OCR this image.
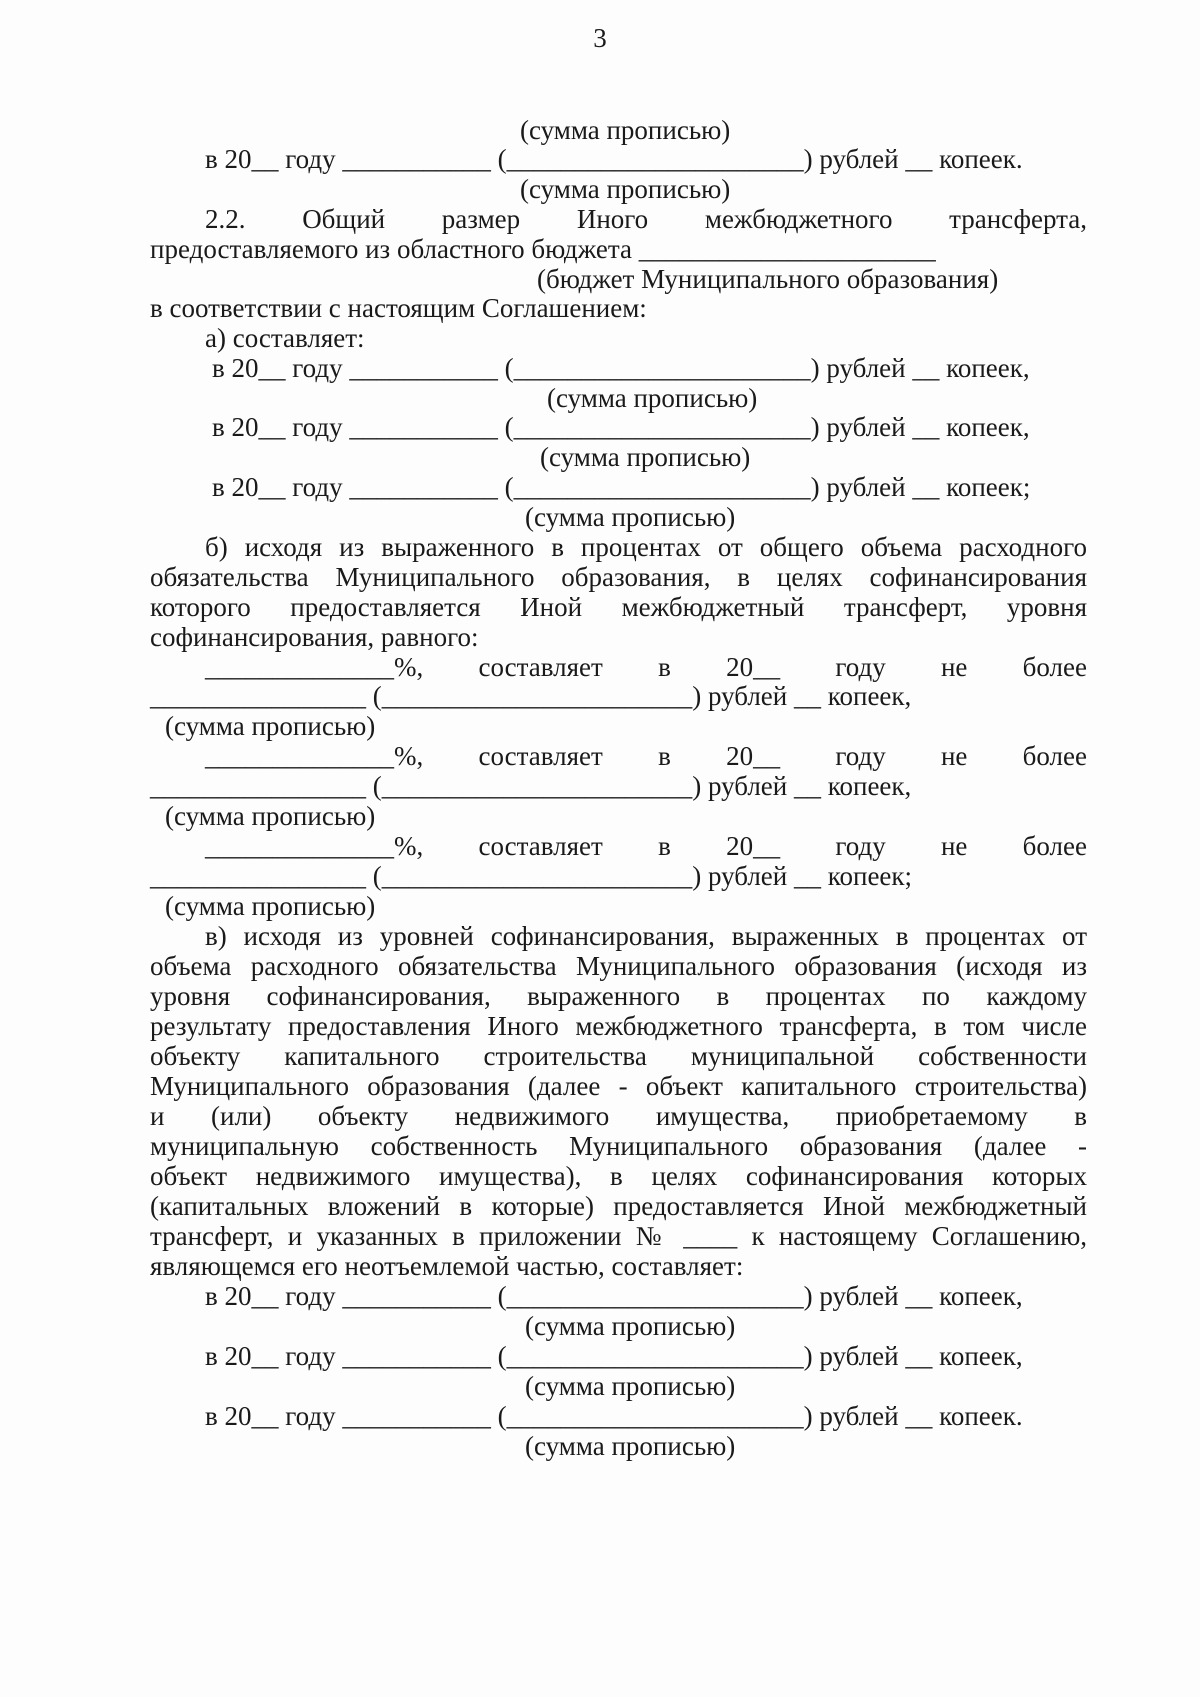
3
(сумма прописью)
в 20__ году ___________ (______________________) рублей __ копеек.
(сумма прописью)
2.2. Общий размер Иного межбюджетного трансферта,
предоставляемого из областного бюджета ______________________
(бюджет Муниципального образования)
в соответствии с настоящим Соглашением:
а) составляет:
в 20__ году ___________ (______________________) рублей __ копеек,
(сумма прописью)
в 20__ году ___________ (______________________) рублей __ копеек,
(сумма прописью)
в 20__ году ___________ (______________________) рублей __ копеек;
(сумма прописью)
б) исходя из выраженного в процентах от общего объема расходного
обязательства Муниципального образования, в целях софинансирования
которого предоставляется Иной межбюджетный трансферт, уровня
софинансирования, равного:
______________%, составляет в 20__ году не более
________________ (_______________________) рублей __ копеек,
(сумма прописью)
______________%, составляет в 20__ году не более
________________ (_______________________) рублей __ копеек,
(сумма прописью)
______________%, составляет в 20__ году не более
________________ (_______________________) рублей __ копеек;
(сумма прописью)
в) исходя из уровней софинансирования, выраженных в процентах от
объема расходного обязательства Муниципального образования (исходя из
уровня софинансирования, выраженного в процентах по каждому
результату предоставления Иного межбюджетного трансферта, в том числе
объекту капитального строительства муниципальной собственности
Муниципального образования (далее - объект капитального строительства)
и (или) объекту недвижимого имущества, приобретаемому в
муниципальную собственность Муниципального образования (далее -
объект недвижимого имущества), в целях софинансирования которых
(капитальных вложений в которые) предоставляется Иной межбюджетный
трансферт, и указанных в приложении № ____ к настоящему Соглашению,
являющемся его неотъемлемой частью, составляет:
в 20__ году ___________ (______________________) рублей __ копеек,
(сумма прописью)
в 20__ году ___________ (______________________) рублей __ копеек,
(сумма прописью)
в 20__ году ___________ (______________________) рублей __ копеек.
(сумма прописью)
